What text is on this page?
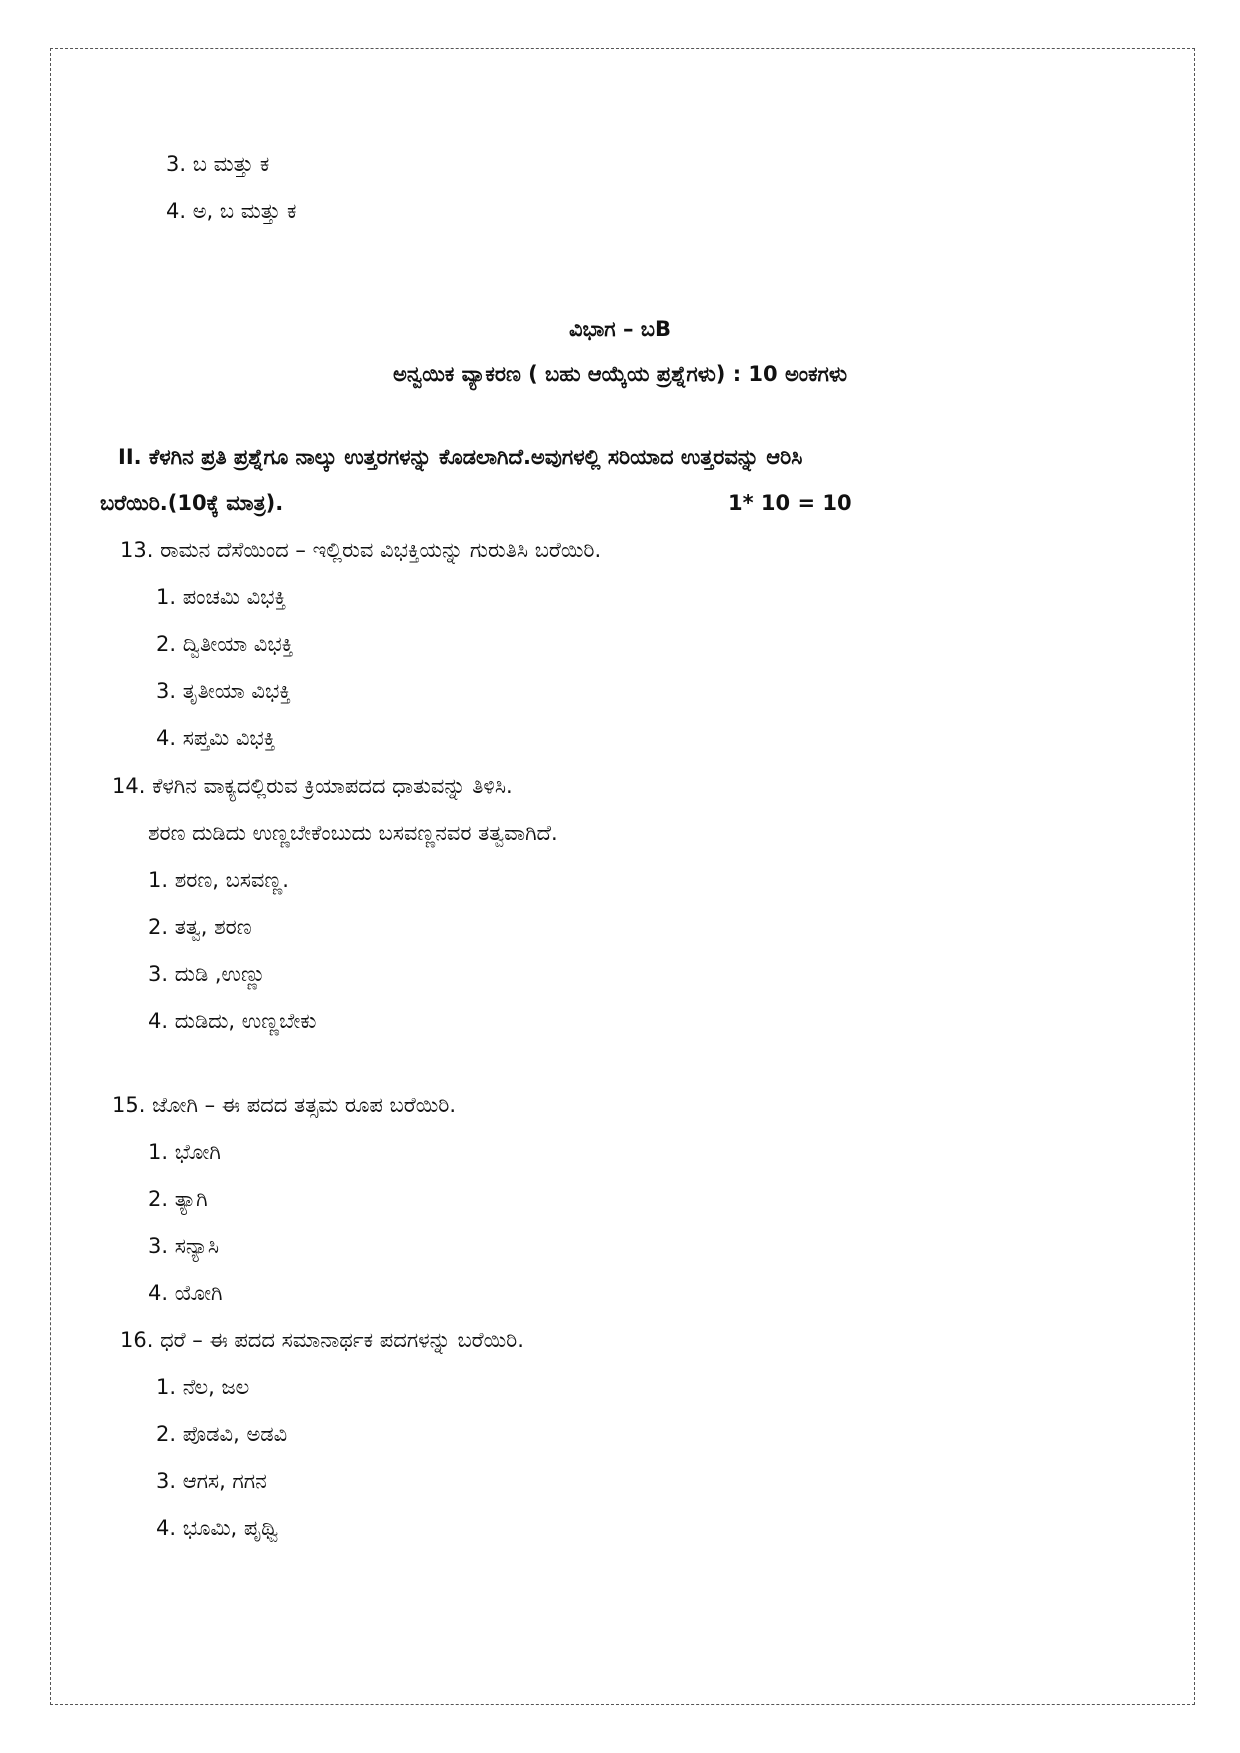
3. ಬ ಮತ್ತು ಕ
4. ಅ, ಬ ಮತ್ತು ಕ
ವಿಭಾಗ – ಬB
ಅನ್ವಯಿಕ ವ್ಯಾಕರಣ ( ಬಹು ಆಯ್ಕೆಯ ಪ್ರಶ್ನೆಗಳು) : 10 ಅಂಕಗಳು
II. ಕೆಳಗಿನ ಪ್ರತಿ ಪ್ರಶ್ನೆಗೂ ನಾಲ್ಕು ಉತ್ತರಗಳನ್ನು ಕೊಡಲಾಗಿದೆ.ಅವುಗಳಲ್ಲಿ ಸರಿಯಾದ ಉತ್ತರವನ್ನು ಆರಿಸಿ
ಬರೆಯಿರಿ.(10ಕ್ಕೆ ಮಾತ್ರ).	1* 10 = 10
13. ರಾಮನ ದೆಸೆಯಿಂದ – ಇಲ್ಲಿರುವ ವಿಭಕ್ತಿಯನ್ನು ಗುರುತಿಸಿ ಬರೆಯಿರಿ.
1. ಪಂಚಮಿ ವಿಭಕ್ತಿ
2. ದ್ವಿತೀಯಾ ವಿಭಕ್ತಿ
3. ತೃತೀಯಾ ವಿಭಕ್ತಿ
4. ಸಪ್ತಮಿ ವಿಭಕ್ತಿ
14. ಕೆಳಗಿನ ವಾಕ್ಯದಲ್ಲಿರುವ ಕ್ರಿಯಾಪದದ ಧಾತುವನ್ನು ತಿಳಿಸಿ.
ಶರಣ ದುಡಿದು ಉಣ್ಣಬೇಕೆಂಬುದು ಬಸವಣ್ಣನವರ ತತ್ವವಾಗಿದೆ.
1. ಶರಣ, ಬಸವಣ್ಣ.
2. ತತ್ವ, ಶರಣ
3. ದುಡಿ ,ಉಣ್ಣು
4. ದುಡಿದು, ಉಣ್ಣಬೇಕು
15. ಜೋಗಿ – ಈ ಪದದ ತತ್ಸಮ ರೂಪ ಬರೆಯಿರಿ.
1. ಭೋಗಿ
2. ತ್ಯಾಗಿ
3. ಸನ್ಯಾಸಿ
4. ಯೋಗಿ
16. ಧರೆ – ಈ ಪದದ ಸಮಾನಾರ್ಥಕ ಪದಗಳನ್ನು ಬರೆಯಿರಿ.
1. ನೆಲ, ಜಲ
2. ಪೊಡವಿ, ಅಡವಿ
3. ಆಗಸ, ಗಗನ
4. ಭೂಮಿ, ಪೃಥ್ವಿ
